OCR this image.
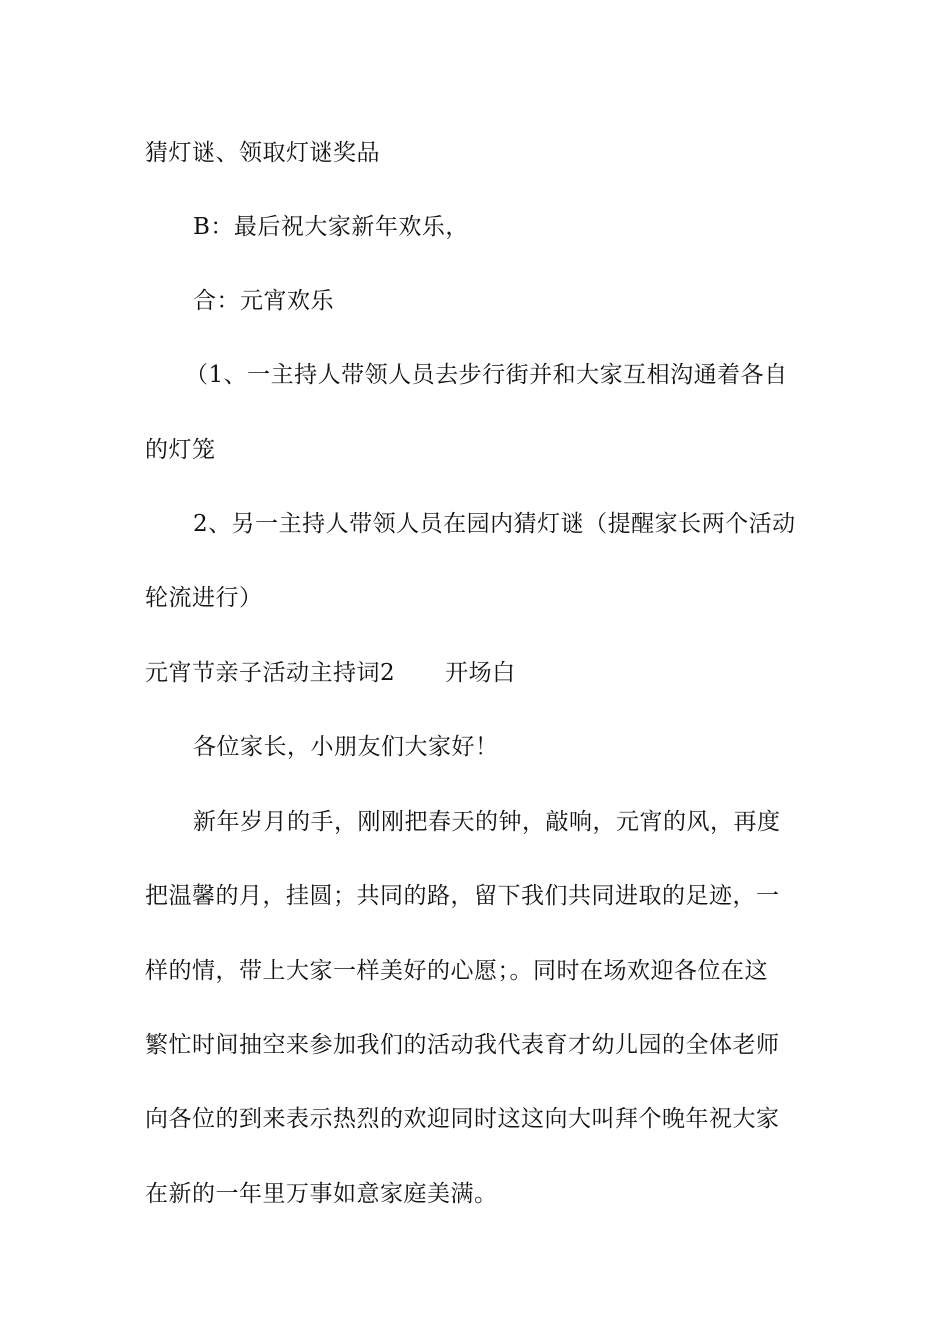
猜灯谜、领取灯谜奖品
B：最后祝大家新年欢乐，
合：元宵欢乐
（1、一主持人带领人员去步行街并和大家互相沟通着各自
的灯笼
2、另一主持人带领人员在园内猜灯谜（提醒家长两个活动
轮流进行）
元宵节亲子活动主持词2 开场白
各位家长，小朋友们大家好！
新年岁月的手，刚刚把春天的钟，敲响，元宵的风，再度
把温馨的月，挂圆；共同的路，留下我们共同进取的足迹，一
样的情，带上大家一样美好的心愿；。同时在场欢迎各位在这
繁忙时间抽空来参加我们的活动我代表育才幼儿园的全体老师
向各位的到来表示热烈的欢迎同时这这向大叫拜个晚年祝大家
在新的一年里万事如意家庭美满。
